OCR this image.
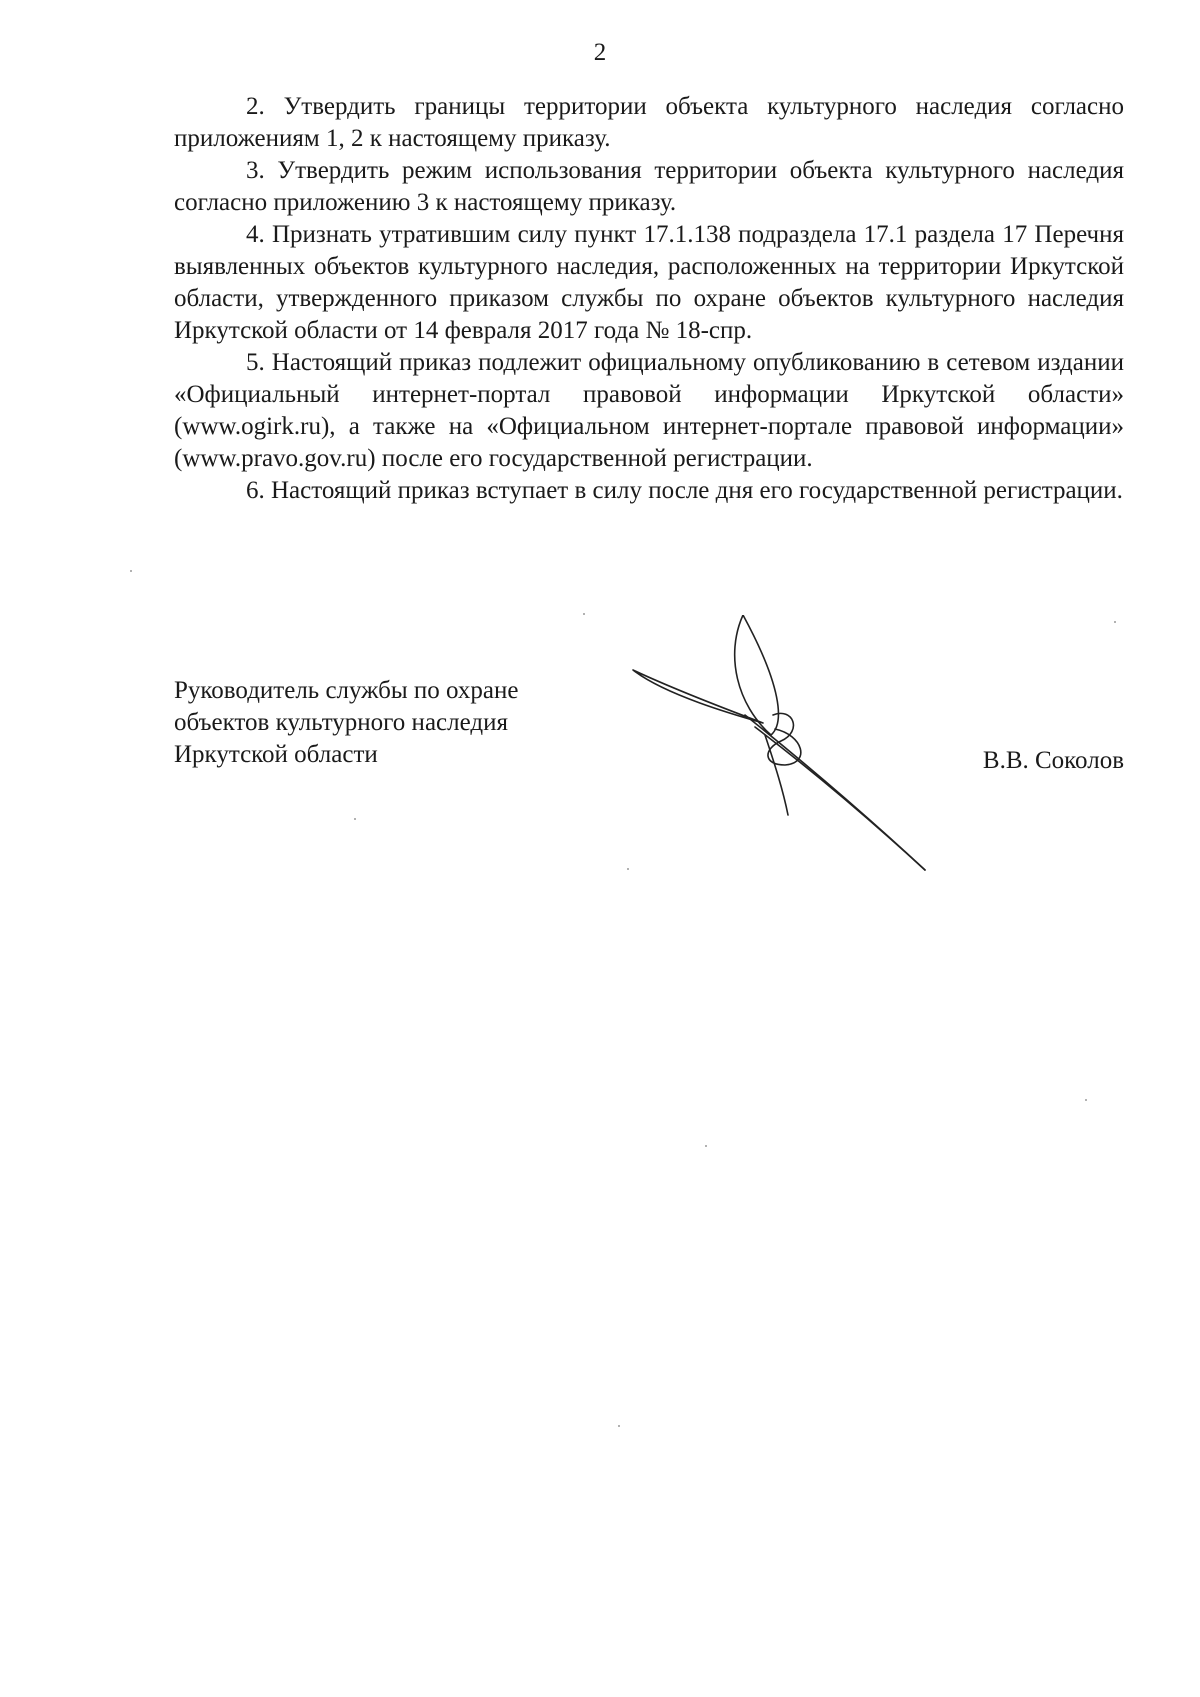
2

2. Утвердить границы территории объекта культурного наследия согласно приложениям 1, 2 к настоящему приказу.

3. Утвердить режим использования территории объекта культурного наследия согласно приложению 3 к настоящему приказу.

4. Признать утратившим силу пункт 17.1.138 подраздела 17.1 раздела 17 Перечня выявленных объектов культурного наследия, расположенных на территории Иркутской области, утвержденного приказом службы по охране объектов культурного наследия Иркутской области от 14 февраля 2017 года № 18-спр.

5. Настоящий приказ подлежит официальному опубликованию в сетевом издании «Официальный интернет-портал правовой информации Иркутской области» (www.ogirk.ru), а также на «Официальном интернет-портале правовой информации» (www.pravo.gov.ru) после его государственной регистрации.

6. Настоящий приказ вступает в силу после дня его государственной регистрации.

Руководитель службы по охране
объектов культурного наследия
Иркутской области	В.В. Соколов
